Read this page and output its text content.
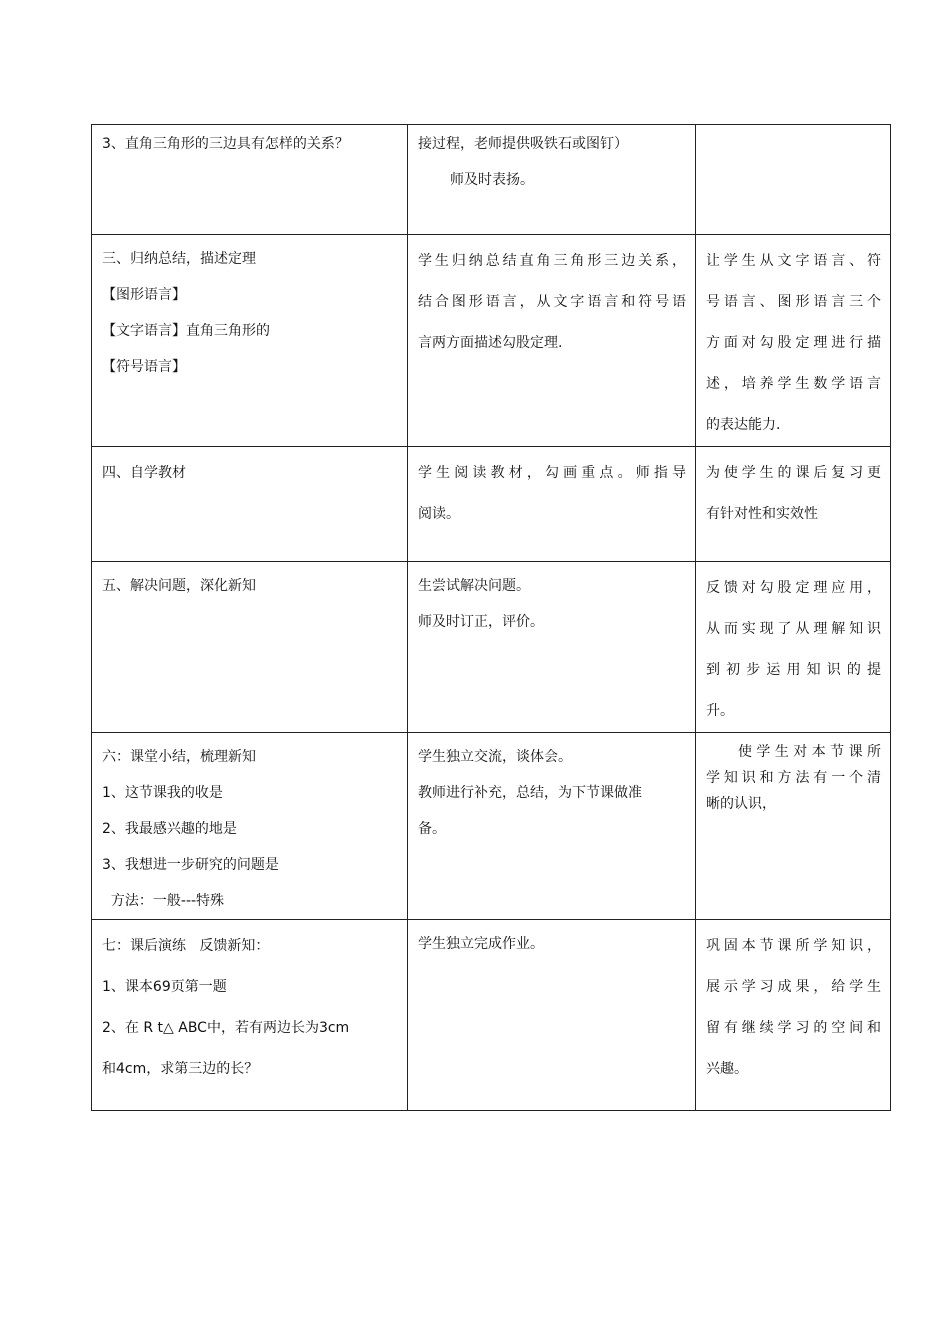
3、直角三角形的三边具有怎样的关系？	接过程，老师提供吸铁石或图钉）
师及时表扬。	

三、归纳总结，描述定理
【图形语言】
【文字语言】直角三角形的
【符号语言】	学生归纳总结直角三角形三边关系，
结合图形语言，从文字语言和符号语
言两方面描述勾股定理.	让学生从文字语言、符
号语言、图形语言三个
方面对勾股定理进行描
述，培养学生数学语言
的表达能力.

四、自学教材	学生阅读教材，勾画重点。师指导
阅读。	为使学生的课后复习更
有针对性和实效性

五、解决问题，深化新知	生尝试解决问题。
师及时订正，评价。	反馈对勾股定理应用，
从而实现了从理解知识
到初步运用知识的提
升。

六：课堂小结，梳理新知
1、这节课我的收是
2、我最感兴趣的地是
3、我想进一步研究的问题是
方法：一般---特殊	学生独立交流，谈体会。
教师进行补充，总结，为下节课做准
备。	使学生对本节课所
学知识和方法有一个清
晰的认识，

七：课后演练   反馈新知：
1、课本69页第一题
2、在 R t△ ABC中，若有两边长为3cm
和4cm，求第三边的长？	学生独立完成作业。	巩固本节课所学知识，
展示学习成果，给学生
留有继续学习的空间和
兴趣。
